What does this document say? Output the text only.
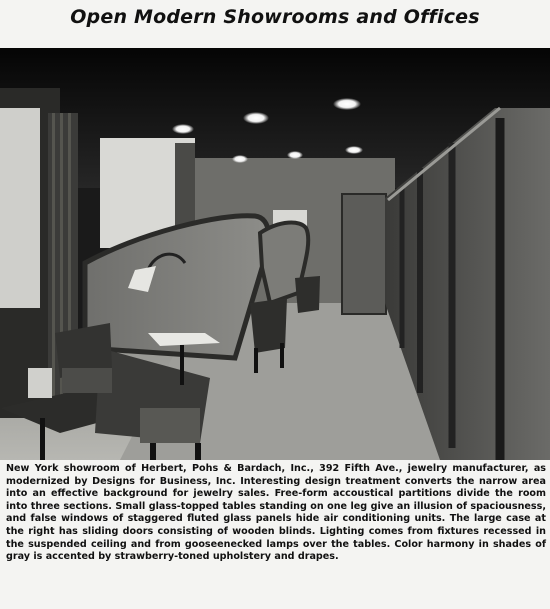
Open Modern Showrooms and Offices
New York showroom of Herbert, Pohs & Bardach, Inc., 392 Fifth Ave., jewelry manufacturer, as modernized by Designs for Business, Inc. Interesting design treatment converts the narrow area into an effective background for jewelry sales. Free-form accoustical partitions divide the room into three sections. Small glass-topped tables standing on one leg give an illusion of spaciousness, and false windows of staggered fluted glass panels hide air conditioning units. The large case at the right has sliding doors consisting of wooden blinds. Lighting comes from fixtures recessed in the suspended ceiling and from gooseenecked lamps over the tables. Color harmony in shades of gray is accented by strawberry-toned upholstery and drapes.
